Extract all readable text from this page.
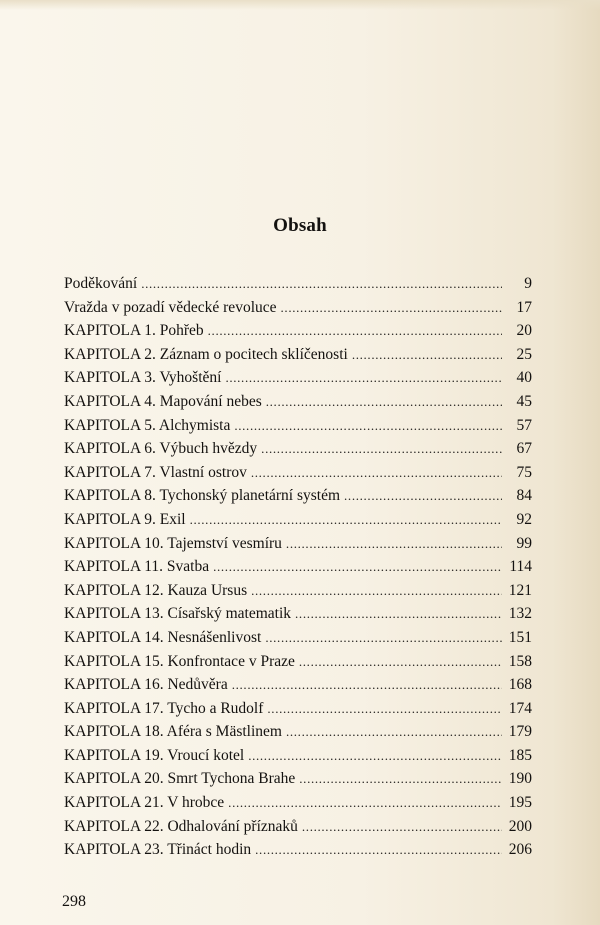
Obsah
Poděkování . . .	9
Vražda v pozadí vědecké revoluce . . .	17
KAPITOLA 1. Pohřeb . . .	20
KAPITOLA 2. Záznam o pocitech sklíčenosti . . .	25
KAPITOLA 3. Vyhoštění . . .	40
KAPITOLA 4. Mapování nebes . . .	45
KAPITOLA 5. Alchymista . . .	57
KAPITOLA 6. Výbuch hvězdy . . .	67
KAPITOLA 7. Vlastní ostrov . . .	75
KAPITOLA 8. Tychonský planetární systém . . .	84
KAPITOLA 9. Exil . . .	92
KAPITOLA 10. Tajemství vesmíru . . .	99
KAPITOLA 11. Svatba . . .	114
KAPITOLA 12. Kauza Ursus . . .	121
KAPITOLA 13. Císařský matematik . . .	132
KAPITOLA 14. Nesnášenlivost . . .	151
KAPITOLA 15. Konfrontace v Praze . . .	158
KAPITOLA 16. Nedůvěra . . .	168
KAPITOLA 17. Tycho a Rudolf . . .	174
KAPITOLA 18. Aféra s Mästlinem . . .	179
KAPITOLA 19. Vroucí kotel . . .	185
KAPITOLA 20. Smrt Tychona Brahe . . .	190
KAPITOLA 21. V hrobce . . .	195
KAPITOLA 22. Odhalování příznaků . . .	200
KAPITOLA 23. Třináct hodin . . .	206
298
